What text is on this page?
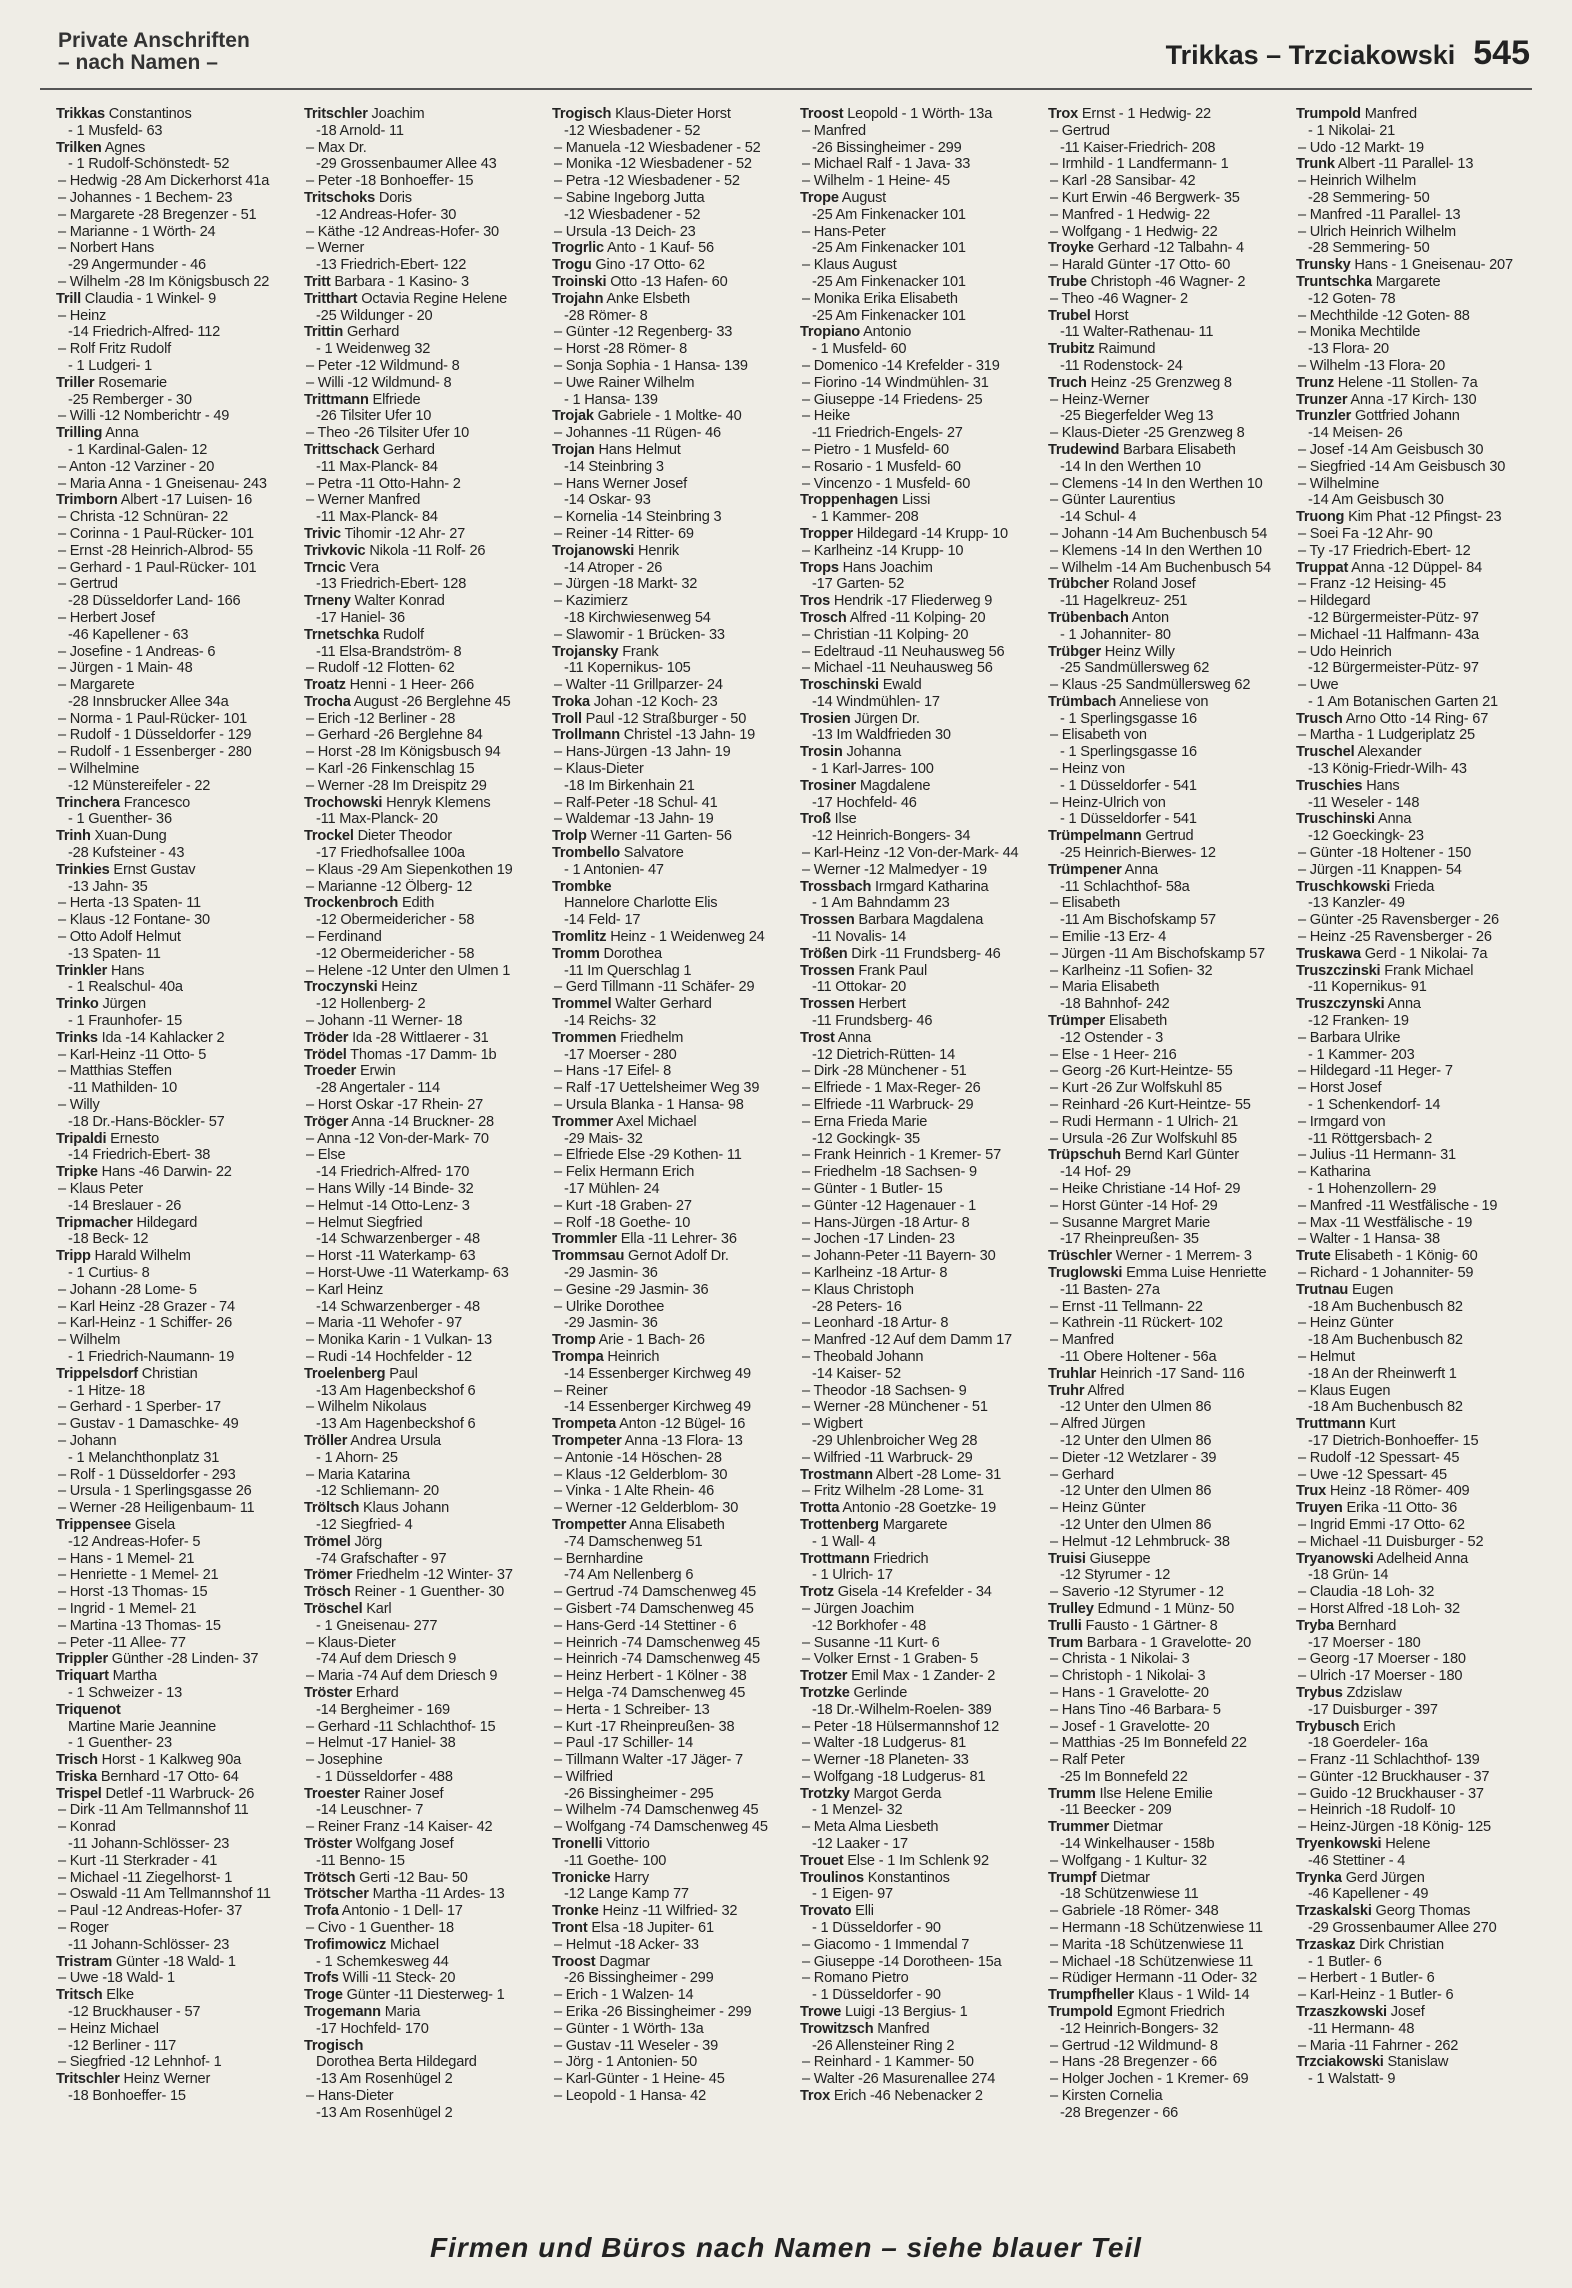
Private Anschriften
– nach Namen –	Trikkas – Trzciakowski 545

Trikkas Constantinos

- 1 Musfeld- 63

Trilken Agnes

- 1 Rudolf-Schönstedt- 52

– Hedwig -28 Am Dickerhorst 41a

– Johannes - 1 Bechem- 23

– Margarete -28 Bregenzer - 51

– Marianne - 1 Wörth- 24

– Norbert Hans

-29 Angermunder - 46

– Wilhelm -28 Im Königsbusch 22

Trill Claudia - 1 Winkel- 9

– Heinz

-14 Friedrich-Alfred- 112

– Rolf Fritz Rudolf

- 1 Ludgeri- 1

Triller Rosemarie

-25 Remberger - 30

– Willi -12 Nomberichtr - 49

Trilling Anna

- 1 Kardinal-Galen- 12

– Anton -12 Varziner - 20

– Maria Anna - 1 Gneisenau- 243

Trimborn Albert -17 Luisen- 16

– Christa -12 Schnüran- 22

– Corinna - 1 Paul-Rücker- 101

– Ernst -28 Heinrich-Albrod- 55

– Gerhard - 1 Paul-Rücker- 101

– Gertrud

-28 Düsseldorfer Land- 166

– Herbert Josef

-46 Kapellener - 63

– Josefine - 1 Andreas- 6

– Jürgen - 1 Main- 48

– Margarete

-28 Innsbrucker Allee 34a

– Norma - 1 Paul-Rücker- 101

– Rudolf - 1 Düsseldorfer - 129

– Rudolf - 1 Essenberger - 280

– Wilhelmine

-12 Münstereifeler - 22

Trinchera Francesco

- 1 Guenther- 36

Trinh Xuan-Dung

-28 Kufsteiner - 43

Trinkies Ernst Gustav

-13 Jahn- 35

– Herta -13 Spaten- 11

– Klaus -12 Fontane- 30

– Otto Adolf Helmut

-13 Spaten- 11

Trinkler Hans

- 1 Realschul- 40a

Trinko Jürgen

- 1 Fraunhofer- 15

Trinks Ida -14 Kahlacker 2

– Karl-Heinz -11 Otto- 5

– Matthias Steffen

-11 Mathilden- 10

– Willy

-18 Dr.-Hans-Böckler- 57

Tripaldi Ernesto

-14 Friedrich-Ebert- 38

Tripke Hans -46 Darwin- 22

– Klaus Peter

-14 Breslauer - 26

Tripmacher Hildegard

-18 Beck- 12

Tripp Harald Wilhelm

- 1 Curtius- 8

– Johann -28 Lome- 5

– Karl Heinz -28 Grazer - 74

– Karl-Heinz - 1 Schiffer- 26

– Wilhelm

- 1 Friedrich-Naumann- 19

Trippelsdorf Christian

- 1 Hitze- 18

– Gerhard - 1 Sperber- 17

– Gustav - 1 Damaschke- 49

– Johann

- 1 Melanchthonplatz 31

– Rolf - 1 Düsseldorfer - 293

– Ursula - 1 Sperlingsgasse 26

– Werner -28 Heiligenbaum- 11

Trippensee Gisela

-12 Andreas-Hofer- 5

– Hans - 1 Memel- 21

– Henriette - 1 Memel- 21

– Horst -13 Thomas- 15

– Ingrid - 1 Memel- 21

– Martina -13 Thomas- 15

– Peter -11 Allee- 77

Trippler Günther -28 Linden- 37

Triquart Martha

- 1 Schweizer - 13

Triquenot

Martine Marie Jeannine

- 1 Guenther- 23

Trisch Horst - 1 Kalkweg 90a

Triska Bernhard -17 Otto- 64

Trispel Detlef -11 Warbruck- 26

– Dirk -11 Am Tellmannshof 11

– Konrad

-11 Johann-Schlösser- 23

– Kurt -11 Sterkrader - 41

– Michael -11 Ziegelhorst- 1

– Oswald -11 Am Tellmannshof 11

– Paul -12 Andreas-Hofer- 37

– Roger

-11 Johann-Schlösser- 23

Tristram Günter -18 Wald- 1

– Uwe -18 Wald- 1

Tritsch Elke

-12 Bruckhauser - 57

– Heinz Michael

-12 Berliner - 117

– Siegfried -12 Lehnhof- 1

Tritschler Heinz Werner

-18 Bonhoeffer- 15

Tritschler Joachim

-18 Arnold- 11

– Max Dr.

-29 Grossenbaumer Allee 43

– Peter -18 Bonhoeffer- 15

Tritschoks Doris

-12 Andreas-Hofer- 30

– Käthe -12 Andreas-Hofer- 30

– Werner

-13 Friedrich-Ebert- 122

Tritt Barbara - 1 Kasino- 3

Tritthart Octavia Regine Helene

-25 Wildunger - 20

Trittin Gerhard

- 1 Weidenweg 32

– Peter -12 Wildmund- 8

– Willi -12 Wildmund- 8

Trittmann Elfriede

-26 Tilsiter Ufer 10

– Theo -26 Tilsiter Ufer 10

Trittschack Gerhard

-11 Max-Planck- 84

– Petra -11 Otto-Hahn- 2

– Werner Manfred

-11 Max-Planck- 84

Trivic Tihomir -12 Ahr- 27

Trivkovic Nikola -11 Rolf- 26

Trncic Vera

-13 Friedrich-Ebert- 128

Trneny Walter Konrad

-17 Haniel- 36

Trnetschka Rudolf

-11 Elsa-Brandström- 8

– Rudolf -12 Flotten- 62

Troatz Henni - 1 Heer- 266

Trocha August -26 Berglehne 45

– Erich -12 Berliner - 28

– Gerhard -26 Berglehne 84

– Horst -28 Im Königsbusch 94

– Karl -26 Finkenschlag 15

– Werner -28 Im Dreispitz 29

Trochowski Henryk Klemens

-11 Max-Planck- 20

Trockel Dieter Theodor

-17 Friedhofsallee 100a

– Klaus -29 Am Siepenkothen 19

– Marianne -12 Ölberg- 12

Trockenbroch Edith

-12 Obermeidericher - 58

– Ferdinand

-12 Obermeidericher - 58

– Helene -12 Unter den Ulmen 1

Troczynski Heinz

-12 Hollenberg- 2

– Johann -11 Werner- 18

Tröder Ida -28 Wittlaerer - 31

Trödel Thomas -17 Damm- 1b

Troeder Erwin

-28 Angertaler - 114

– Horst Oskar -17 Rhein- 27

Tröger Anna -14 Bruckner- 28

– Anna -12 Von-der-Mark- 70

– Else

-14 Friedrich-Alfred- 170

– Hans Willy -14 Binde- 32

– Helmut -14 Otto-Lenz- 3

– Helmut Siegfried

-14 Schwarzenberger - 48

– Horst -11 Waterkamp- 63

– Horst-Uwe -11 Waterkamp- 63

– Karl Heinz

-14 Schwarzenberger - 48

– Maria -11 Wehofer - 97

– Monika Karin - 1 Vulkan- 13

– Rudi -14 Hochfelder - 12

Troelenberg Paul

-13 Am Hagenbeckshof 6

– Wilhelm Nikolaus

-13 Am Hagenbeckshof 6

Tröller Andrea Ursula

- 1 Ahorn- 25

– Maria Katarina

-12 Schliemann- 20

Tröltsch Klaus Johann

-12 Siegfried- 4

Trömel Jörg

-74 Grafschafter - 97

Trömer Friedhelm -12 Winter- 37

Trösch Reiner - 1 Guenther- 30

Tröschel Karl

- 1 Gneisenau- 277

– Klaus-Dieter

-74 Auf dem Driesch 9

– Maria -74 Auf dem Driesch 9

Tröster Erhard

-14 Bergheimer - 169

– Gerhard -11 Schlachthof- 15

– Helmut -17 Haniel- 38

– Josephine

- 1 Düsseldorfer - 488

Troester Rainer Josef

-14 Leuschner- 7

– Reiner Franz -14 Kaiser- 42

Tröster Wolfgang Josef

-11 Benno- 15

Trötsch Gerti -12 Bau- 50

Trötscher Martha -11 Ardes- 13

Trofa Antonio - 1 Dell- 17

– Civo - 1 Guenther- 18

Trofimowicz Michael

- 1 Schemkesweg 44

Trofs Willi -11 Steck- 20

Troge Günter -11 Diesterweg- 1

Trogemann Maria

-17 Hochfeld- 170

Trogisch

Dorothea Berta Hildegard

-13 Am Rosenhügel 2

– Hans-Dieter

-13 Am Rosenhügel 2

Trogisch Klaus-Dieter Horst

-12 Wiesbadener - 52

– Manuela -12 Wiesbadener - 52

– Monika -12 Wiesbadener - 52

– Petra -12 Wiesbadener - 52

– Sabine Ingeborg Jutta

-12 Wiesbadener - 52

– Ursula -13 Deich- 23

Trogrlic Anto - 1 Kauf- 56

Trogu Gino -17 Otto- 62

Troinski Otto -13 Hafen- 60

Trojahn Anke Elsbeth

-28 Römer- 8

– Günter -12 Regenberg- 33

– Horst -28 Römer- 8

– Sonja Sophia - 1 Hansa- 139

– Uwe Rainer Wilhelm

- 1 Hansa- 139

Trojak Gabriele - 1 Moltke- 40

– Johannes -11 Rügen- 46

Trojan Hans Helmut

-14 Steinbring 3

– Hans Werner Josef

-14 Oskar- 93

– Kornelia -14 Steinbring 3

– Reiner -14 Ritter- 69

Trojanowski Henrik

-14 Atroper - 26

– Jürgen -18 Markt- 32

– Kazimierz

-18 Kirchwiesenweg 54

– Slawomir - 1 Brücken- 33

Trojansky Frank

-11 Kopernikus- 105

– Walter -11 Grillparzer- 24

Troka Johan -12 Koch- 23

Troll Paul -12 Straßburger - 50

Trollmann Christel -13 Jahn- 19

– Hans-Jürgen -13 Jahn- 19

– Klaus-Dieter

-18 Im Birkenhain 21

– Ralf-Peter -18 Schul- 41

– Waldemar -13 Jahn- 19

Trolp Werner -11 Garten- 56

Trombello Salvatore

- 1 Antonien- 47

Trombke

Hannelore Charlotte Elis

-14 Feld- 17

Tromlitz Heinz - 1 Weidenweg 24

Tromm Dorothea

-11 Im Querschlag 1

– Gerd Tillmann -11 Schäfer- 29

Trommel Walter Gerhard

-14 Reichs- 32

Trommen Friedhelm

-17 Moerser - 280

– Hans -17 Eifel- 8

– Ralf -17 Uettelsheimer Weg 39

– Ursula Blanka - 1 Hansa- 98

Trommer Axel Michael

-29 Mais- 32

– Elfriede Else -29 Kothen- 11

– Felix Hermann Erich

-17 Mühlen- 24

– Kurt -18 Graben- 27

– Rolf -18 Goethe- 10

Trommler Ella -11 Lehrer- 36

Trommsau Gernot Adolf Dr.

-29 Jasmin- 36

– Gesine -29 Jasmin- 36

– Ulrike Dorothee

-29 Jasmin- 36

Tromp Arie - 1 Bach- 26

Trompa Heinrich

-14 Essenberger Kirchweg 49

– Reiner

-14 Essenberger Kirchweg 49

Trompeta Anton -12 Bügel- 16

Trompeter Anna -13 Flora- 13

– Antonie -14 Höschen- 28

– Klaus -12 Gelderblom- 30

– Vinka - 1 Alte Rhein- 46

– Werner -12 Gelderblom- 30

Trompetter Anna Elisabeth

-74 Damschenweg 51

– Bernhardine

-74 Am Nellenberg 6

– Gertrud -74 Damschenweg 45

– Gisbert -74 Damschenweg 45

– Hans-Gerd -14 Stettiner - 6

– Heinrich -74 Damschenweg 45

– Heinrich -74 Damschenweg 45

– Heinz Herbert - 1 Kölner - 38

– Helga -74 Damschenweg 45

– Herta - 1 Schreiber- 13

– Kurt -17 Rheinpreußen- 38

– Paul -17 Schiller- 14

– Tillmann Walter -17 Jäger- 7

– Wilfried

-26 Bissingheimer - 295

– Wilhelm -74 Damschenweg 45

– Wolfgang -74 Damschenweg 45

Tronelli Vittorio

-11 Goethe- 100

Tronicke Harry

-12 Lange Kamp 77

Tronke Heinz -11 Wilfried- 32

Tront Elsa -18 Jupiter- 61

– Helmut -18 Acker- 33

Troost Dagmar

-26 Bissingheimer - 299

– Erich - 1 Walzen- 14

– Erika -26 Bissingheimer - 299

– Günter - 1 Wörth- 13a

– Gustav -11 Weseler - 39

– Jörg - 1 Antonien- 50

– Karl-Günter - 1 Heine- 45

– Leopold - 1 Hansa- 42

Troost Leopold - 1 Wörth- 13a

– Manfred

-26 Bissingheimer - 299

– Michael Ralf - 1 Java- 33

– Wilhelm - 1 Heine- 45

Trope August

-25 Am Finkenacker 101

– Hans-Peter

-25 Am Finkenacker 101

– Klaus August

-25 Am Finkenacker 101

– Monika Erika Elisabeth

-25 Am Finkenacker 101

Tropiano Antonio

- 1 Musfeld- 60

– Domenico -14 Krefelder - 319

– Fiorino -14 Windmühlen- 31

– Giuseppe -14 Friedens- 25

– Heike

-11 Friedrich-Engels- 27

– Pietro - 1 Musfeld- 60

– Rosario - 1 Musfeld- 60

– Vincenzo - 1 Musfeld- 60

Troppenhagen Lissi

- 1 Kammer- 208

Tropper Hildegard -14 Krupp- 10

– Karlheinz -14 Krupp- 10

Trops Hans Joachim

-17 Garten- 52

Tros Hendrik -17 Fliederweg 9

Trosch Alfred -11 Kolping- 20

– Christian -11 Kolping- 20

– Edeltraud -11 Neuhausweg 56

– Michael -11 Neuhausweg 56

Troschinski Ewald

-14 Windmühlen- 17

Trosien Jürgen Dr.

-13 Im Waldfrieden 30

Trosin Johanna

- 1 Karl-Jarres- 100

Trosiner Magdalene

-17 Hochfeld- 46

Troß Ilse

-12 Heinrich-Bongers- 34

– Karl-Heinz -12 Von-der-Mark- 44

– Werner -12 Malmedyer - 19

Trossbach Irmgard Katharina

- 1 Am Bahndamm 23

Trossen Barbara Magdalena

-11 Novalis- 14

Trößen Dirk -11 Frundsberg- 46

Trossen Frank Paul

-11 Ottokar- 20

Trossen Herbert

-11 Frundsberg- 46

Trost Anna

-12 Dietrich-Rütten- 14

– Dirk -28 Münchener - 51

– Elfriede - 1 Max-Reger- 26

– Elfriede -11 Warbruck- 29

– Erna Frieda Marie

-12 Gockingk- 35

– Frank Heinrich - 1 Kremer- 57

– Friedhelm -18 Sachsen- 9

– Günter - 1 Butler- 15

– Günter -12 Hagenauer - 1

– Hans-Jürgen -18 Artur- 8

– Jochen -17 Linden- 23

– Johann-Peter -11 Bayern- 30

– Karlheinz -18 Artur- 8

– Klaus Christoph

-28 Peters- 16

– Leonhard -18 Artur- 8

– Manfred -12 Auf dem Damm 17

– Theobald Johann

-14 Kaiser- 52

– Theodor -18 Sachsen- 9

– Werner -28 Münchener - 51

– Wigbert

-29 Uhlenbroicher Weg 28

– Wilfried -11 Warbruck- 29

Trostmann Albert -28 Lome- 31

– Fritz Wilhelm -28 Lome- 31

Trotta Antonio -28 Goetzke- 19

Trottenberg Margarete

- 1 Wall- 4

Trottmann Friedrich

- 1 Ulrich- 17

Trotz Gisela -14 Krefelder - 34

– Jürgen Joachim

-12 Borkhofer - 48

– Susanne -11 Kurt- 6

– Volker Ernst - 1 Graben- 5

Trotzer Emil Max - 1 Zander- 2

Trotzke Gerlinde

-18 Dr.-Wilhelm-Roelen- 389

– Peter -18 Hülsermannshof 12

– Walter -18 Ludgerus- 81

– Werner -18 Planeten- 33

– Wolfgang -18 Ludgerus- 81

Trotzky Margot Gerda

- 1 Menzel- 32

– Meta Alma Liesbeth

-12 Laaker - 17

Trouet Else - 1 Im Schlenk 92

Troulinos Konstantinos

- 1 Eigen- 97

Trovato Elli

- 1 Düsseldorfer - 90

– Giacomo - 1 Immendal 7

– Giuseppe -14 Dorotheen- 15a

– Romano Pietro

- 1 Düsseldorfer - 90

Trowe Luigi -13 Bergius- 1

Trowitzsch Manfred

-26 Allensteiner Ring 2

– Reinhard - 1 Kammer- 50

– Walter -26 Masurenallee 274

Trox Erich -46 Nebenacker 2

Trox Ernst - 1 Hedwig- 22

– Gertrud

-11 Kaiser-Friedrich- 208

– Irmhild - 1 Landfermann- 1

– Karl -28 Sansibar- 42

– Kurt Erwin -46 Bergwerk- 35

– Manfred - 1 Hedwig- 22

– Wolfgang - 1 Hedwig- 22

Troyke Gerhard -12 Talbahn- 4

– Harald Günter -17 Otto- 60

Trube Christoph -46 Wagner- 2

– Theo -46 Wagner- 2

Trubel Horst

-11 Walter-Rathenau- 11

Trubitz Raimund

-11 Rodenstock- 24

Truch Heinz -25 Grenzweg 8

– Heinz-Werner

-25 Biegerfelder Weg 13

– Klaus-Dieter -25 Grenzweg 8

Trudewind Barbara Elisabeth

-14 In den Werthen 10

– Clemens -14 In den Werthen 10

– Günter Laurentius

-14 Schul- 4

– Johann -14 Am Buchenbusch 54

– Klemens -14 In den Werthen 10

– Wilhelm -14 Am Buchenbusch 54

Trübcher Roland Josef

-11 Hagelkreuz- 251

Trübenbach Anton

- 1 Johanniter- 80

Trübger Heinz Willy

-25 Sandmüllersweg 62

– Klaus -25 Sandmüllersweg 62

Trümbach Anneliese von

- 1 Sperlingsgasse 16

– Elisabeth von

- 1 Sperlingsgasse 16

– Heinz von

- 1 Düsseldorfer - 541

– Heinz-Ulrich von

- 1 Düsseldorfer - 541

Trümpelmann Gertrud

-25 Heinrich-Bierwes- 12

Trümpener Anna

-11 Schlachthof- 58a

– Elisabeth

-11 Am Bischofskamp 57

– Emilie -13 Erz- 4

– Jürgen -11 Am Bischofskamp 57

– Karlheinz -11 Sofien- 32

– Maria Elisabeth

-18 Bahnhof- 242

Trümper Elisabeth

-12 Ostender - 3

– Else - 1 Heer- 216

– Georg -26 Kurt-Heintze- 55

– Kurt -26 Zur Wolfskuhl 85

– Reinhard -26 Kurt-Heintze- 55

– Rudi Hermann - 1 Ulrich- 21

– Ursula -26 Zur Wolfskuhl 85

Trüpschuh Bernd Karl Günter

-14 Hof- 29

– Heike Christiane -14 Hof- 29

– Horst Günter -14 Hof- 29

– Susanne Margret Marie

-17 Rheinpreußen- 35

Trüschler Werner - 1 Merrem- 3

Truglowski Emma Luise Henriette

-11 Basten- 27a

– Ernst -11 Tellmann- 22

– Kathrein -11 Rückert- 102

– Manfred

-11 Obere Holtener - 56a

Truhlar Heinrich -17 Sand- 116

Truhr Alfred

-12 Unter den Ulmen 86

– Alfred Jürgen

-12 Unter den Ulmen 86

– Dieter -12 Wetzlarer - 39

– Gerhard

-12 Unter den Ulmen 86

– Heinz Günter

-12 Unter den Ulmen 86

– Helmut -12 Lehmbruck- 38

Truisi Giuseppe

-12 Styrumer - 12

– Saverio -12 Styrumer - 12

Trulley Edmund - 1 Münz- 50

Trulli Fausto - 1 Gärtner- 8

Trum Barbara - 1 Gravelotte- 20

– Christa - 1 Nikolai- 3

– Christoph - 1 Nikolai- 3

– Hans - 1 Gravelotte- 20

– Hans Tino -46 Barbara- 5

– Josef - 1 Gravelotte- 20

– Matthias -25 Im Bonnefeld 22

– Ralf Peter

-25 Im Bonnefeld 22

Trumm Ilse Helene Emilie

-11 Beecker - 209

Trummer Dietmar

-14 Winkelhauser - 158b

– Wolfgang - 1 Kultur- 32

Trumpf Dietmar

-18 Schützenwiese 11

– Gabriele -18 Römer- 348

– Hermann -18 Schützenwiese 11

– Marita -18 Schützenwiese 11

– Michael -18 Schützenwiese 11

– Rüdiger Hermann -11 Oder- 32

Trumpfheller Klaus - 1 Wild- 14

Trumpold Egmont Friedrich

-12 Heinrich-Bongers- 32

– Gertrud -12 Wildmund- 8

– Hans -28 Bregenzer - 66

– Holger Jochen - 1 Kremer- 69

– Kirsten Cornelia

-28 Bregenzer - 66

Trumpold Manfred

- 1 Nikolai- 21

– Udo -12 Markt- 19

Trunk Albert -11 Parallel- 13

– Heinrich Wilhelm

-28 Semmering- 50

– Manfred -11 Parallel- 13

– Ulrich Heinrich Wilhelm

-28 Semmering- 50

Trunsky Hans - 1 Gneisenau- 207

Truntschka Margarete

-12 Goten- 78

– Mechthilde -12 Goten- 88

– Monika Mechtilde

-13 Flora- 20

– Wilhelm -13 Flora- 20

Trunz Helene -11 Stollen- 7a

Trunzer Anna -17 Kirch- 130

Trunzler Gottfried Johann

-14 Meisen- 26

– Josef -14 Am Geisbusch 30

– Siegfried -14 Am Geisbusch 30

– Wilhelmine

-14 Am Geisbusch 30

Truong Kim Phat -12 Pfingst- 23

– Soei Fa -12 Ahr- 90

– Ty -17 Friedrich-Ebert- 12

Truppat Anna -12 Düppel- 84

– Franz -12 Heising- 45

– Hildegard

-12 Bürgermeister-Pütz- 97

– Michael -11 Halfmann- 43a

– Udo Heinrich

-12 Bürgermeister-Pütz- 97

– Uwe

- 1 Am Botanischen Garten 21

Trusch Arno Otto -14 Ring- 67

– Martha - 1 Ludgeriplatz 25

Truschel Alexander

-13 König-Friedr-Wilh- 43

Truschies Hans

-11 Weseler - 148

Truschinski Anna

-12 Goeckingk- 23

– Günter -18 Holtener - 150

– Jürgen -11 Knappen- 54

Truschkowski Frieda

-13 Kanzler- 49

– Günter -25 Ravensberger - 26

– Heinz -25 Ravensberger - 26

Truskawa Gerd - 1 Nikolai- 7a

Truszczinski Frank Michael

-11 Kopernikus- 91

Truszczynski Anna

-12 Franken- 19

– Barbara Ulrike

- 1 Kammer- 203

– Hildegard -11 Heger- 7

– Horst Josef

- 1 Schenkendorf- 14

– Irmgard von

-11 Röttgersbach- 2

– Julius -11 Hermann- 31

– Katharina

- 1 Hohenzollern- 29

– Manfred -11 Westfälische - 19

– Max -11 Westfälische - 19

– Walter - 1 Hansa- 38

Trute Elisabeth - 1 König- 60

– Richard - 1 Johanniter- 59

Trutnau Eugen

-18 Am Buchenbusch 82

– Heinz Günter

-18 Am Buchenbusch 82

– Helmut

-18 An der Rheinwerft 1

– Klaus Eugen

-18 Am Buchenbusch 82

Truttmann Kurt

-17 Dietrich-Bonhoeffer- 15

– Rudolf -12 Spessart- 45

– Uwe -12 Spessart- 45

Trux Heinz -18 Römer- 409

Truyen Erika -11 Otto- 36

– Ingrid Emmi -17 Otto- 62

– Michael -11 Duisburger - 52

Tryanowski Adelheid Anna

-18 Grün- 14

– Claudia -18 Loh- 32

– Horst Alfred -18 Loh- 32

Tryba Bernhard

-17 Moerser - 180

– Georg -17 Moerser - 180

– Ulrich -17 Moerser - 180

Trybus Zdzislaw

-17 Duisburger - 397

Trybusch Erich

-18 Goerdeler- 16a

– Franz -11 Schlachthof- 139

– Günter -12 Bruckhauser - 37

– Guido -12 Bruckhauser - 37

– Heinrich -18 Rudolf- 10

– Heinz-Jürgen -18 König- 125

Tryenkowski Helene

-46 Stettiner - 4

Trynka Gerd Jürgen

-46 Kapellener - 49

Trzaskalski Georg Thomas

-29 Grossenbaumer Allee 270

Trzaskaz Dirk Christian

- 1 Butler- 6

– Herbert - 1 Butler- 6

– Karl-Heinz - 1 Butler- 6

Trzaszkowski Josef

-11 Hermann- 48

– Maria -11 Fahrner - 262

Trzciakowski Stanislaw

- 1 Walstatt- 9

Firmen und Büros nach Namen – siehe blauer Teil
